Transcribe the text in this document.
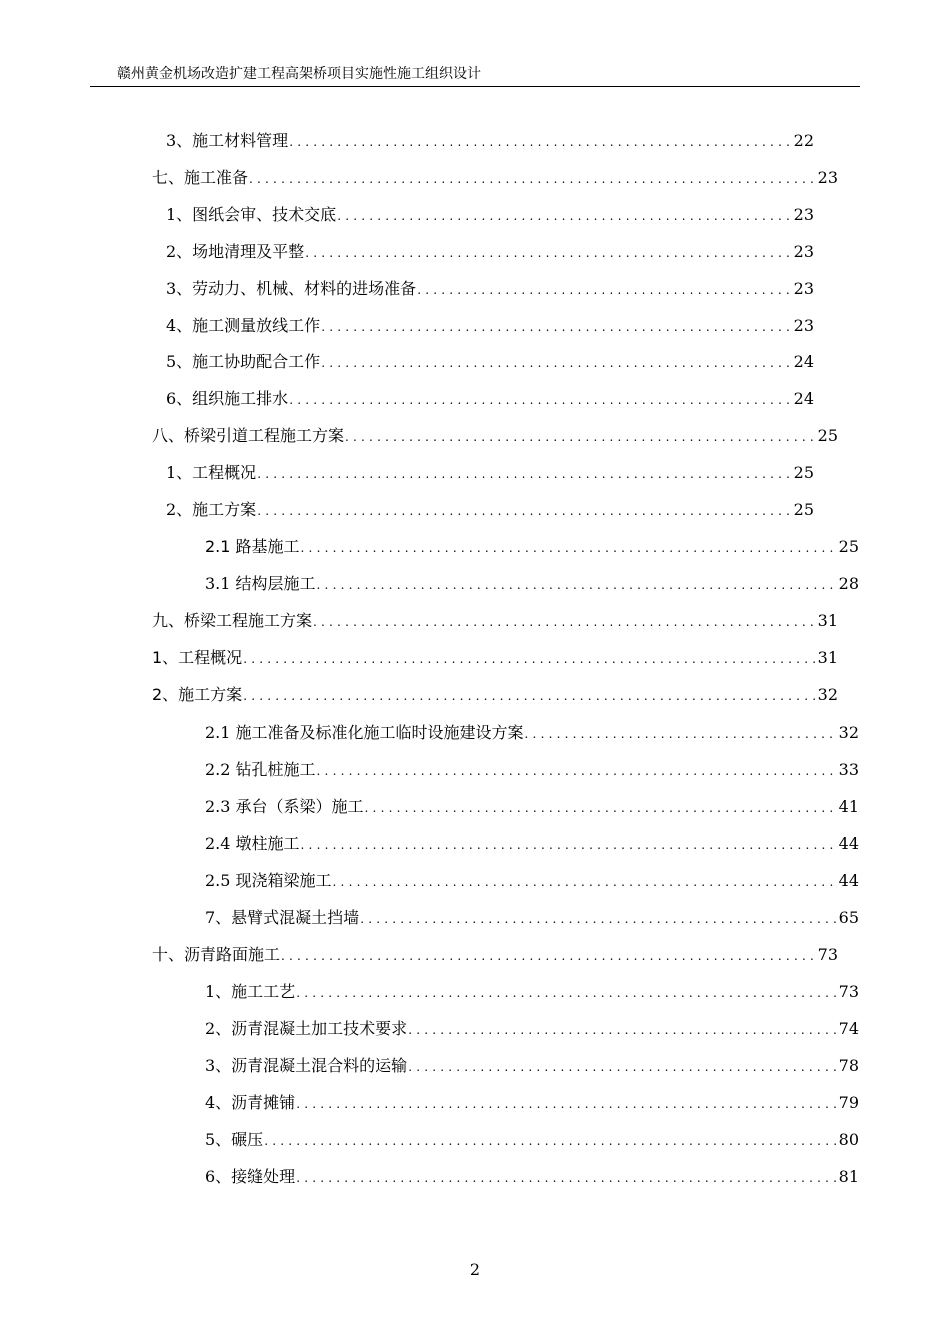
赣州黄金机场改造扩建工程高架桥项目实施性施工组织设计
3、施工材料管理 .....	22
七、施工准备 .....	23
1、图纸会审、技术交底 .....	23
2、场地清理及平整 .....	23
3、劳动力、机械、材料的进场准备 .....	23
4、施工测量放线工作 .....	23
5、施工协助配合工作 .....	24
6、组织施工排水 .....	24
八、桥梁引道工程施工方案 .....	25
1、工程概况 .....	25
2、施工方案 .....	25
2.1 路基施工 .....	25
3.1 结构层施工 .....	28
九、桥梁工程施工方案 .....	31
1、工程概况 .....	31
2、施工方案 .....	32
2.1 施工准备及标准化施工临时设施建设方案 .....	32
2.2 钻孔桩施工 .....	33
2.3 承台（系梁）施工 .....	41
2.4 墩柱施工 .....	44
2.5 现浇箱梁施工 .....	44
7、悬臂式混凝土挡墙 .....	65
十、沥青路面施工 .....	73
1、施工工艺 .....	73
2、沥青混凝土加工技术要求 .....	74
3、沥青混凝土混合料的运输 .....	78
4、沥青摊铺 .....	79
5、碾压 .....	80
6、接缝处理 .....	81
2
